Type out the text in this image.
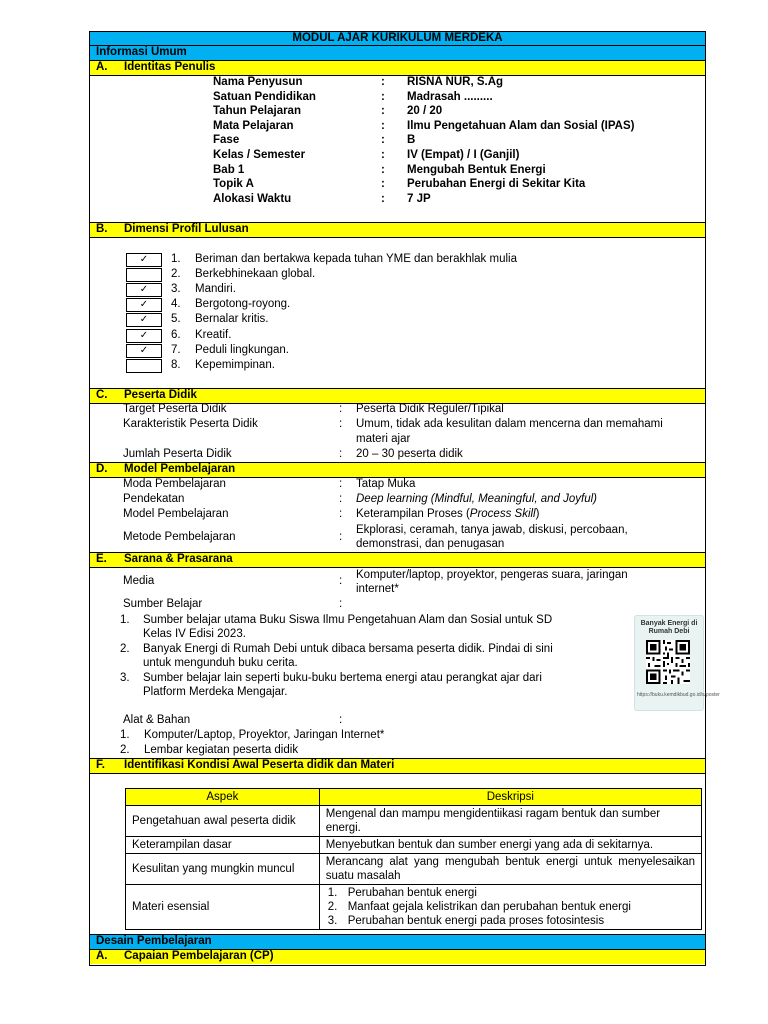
MODUL AJAR KURIKULUM MERDEKA
Informasi Umum
A. Identitas Penulis
Nama Penyusun	: RISNA NUR, S.Ag
Satuan Pendidikan	: Madrasah .........
Tahun Pelajaran	: 20 / 20
Mata Pelajaran	: Ilmu Pengetahuan Alam dan Sosial (IPAS)
Fase	: B
Kelas / Semester	: IV (Empat) / I (Ganjil)
Bab 1	: Mengubah Bentuk Energi
Topik A	: Perubahan Energi di Sekitar Kita
Alokasi Waktu	: 7 JP
B. Dimensi Profil Lulusan
✓	1. Beriman dan bertakwa kepada tuhan YME dan berakhlak mulia
2. Berkebhinekaan global.
✓	3. Mandiri.
✓	4. Bergotong-royong.
✓	5. Bernalar kritis.
✓	6. Kreatif.
✓	7. Peduli lingkungan.
8. Kepemimpinan.
C. Peserta Didik
Target Peserta Didik	: Peserta Didik Reguler/Tipikal
Karakteristik Peserta Didik	: Umum, tidak ada kesulitan dalam mencerna dan memahami
materi ajar
Jumlah Peserta Didik	: 20 – 30 peserta didik
D. Model Pembelajaran
Moda Pembelajaran	: Tatap Muka
Pendekatan	: Deep learning (Mindful, Meaningful, and Joyful)
Model Pembelajaran	: Keterampilan Proses (Process Skill)
Ekplorasi, ceramah, tanya jawab, diskusi, percobaan,
Metode Pembelajaran	:
demonstrasi, dan penugasan
E. Sarana & Prasarana
Komputer/laptop, proyektor, pengeras suara, jaringan
Media	:
internet*
Sumber Belajar	:
1. Sumber belajar utama Buku Siswa Ilmu Pengetahuan Alam dan Sosial untuk SD
Kelas IV Edisi 2023.
2. Banyak Energi di Rumah Debi untuk dibaca bersama peserta didik. Pindai di sini
untuk mengunduh buku cerita.
3. Sumber belajar lain seperti buku-buku bertema energi atau perangkat ajar dari
Platform Merdeka Mengajar.
Banyak Energi di Rumah Debi
https://buku.kemdikbud.go.id/s/poster
Alat & Bahan	:
1. Komputer/Laptop, Proyektor, Jaringan Internet*
2. Lembar kegiatan peserta didik
F. Identifikasi Kondisi Awal Peserta didik dan Materi
Aspek	Deskripsi
Pengetahuan awal peserta didik	Mengenal dan mampu mengidentiikasi ragam bentuk dan sumber energi.
Keterampilan dasar	Menyebutkan bentuk dan sumber energi yang ada di sekitarnya.
Kesulitan yang mungkin muncul	Merancang alat yang mengubah bentuk energi untuk menyelesaikan suatu masalah
Materi esensial	1. Perubahan bentuk energi
2. Manfaat gejala kelistrikan dan perubahan bentuk energi
3. Perubahan bentuk energi pada proses fotosintesis
Desain Pembelajaran
A. Capaian Pembelajaran (CP)
